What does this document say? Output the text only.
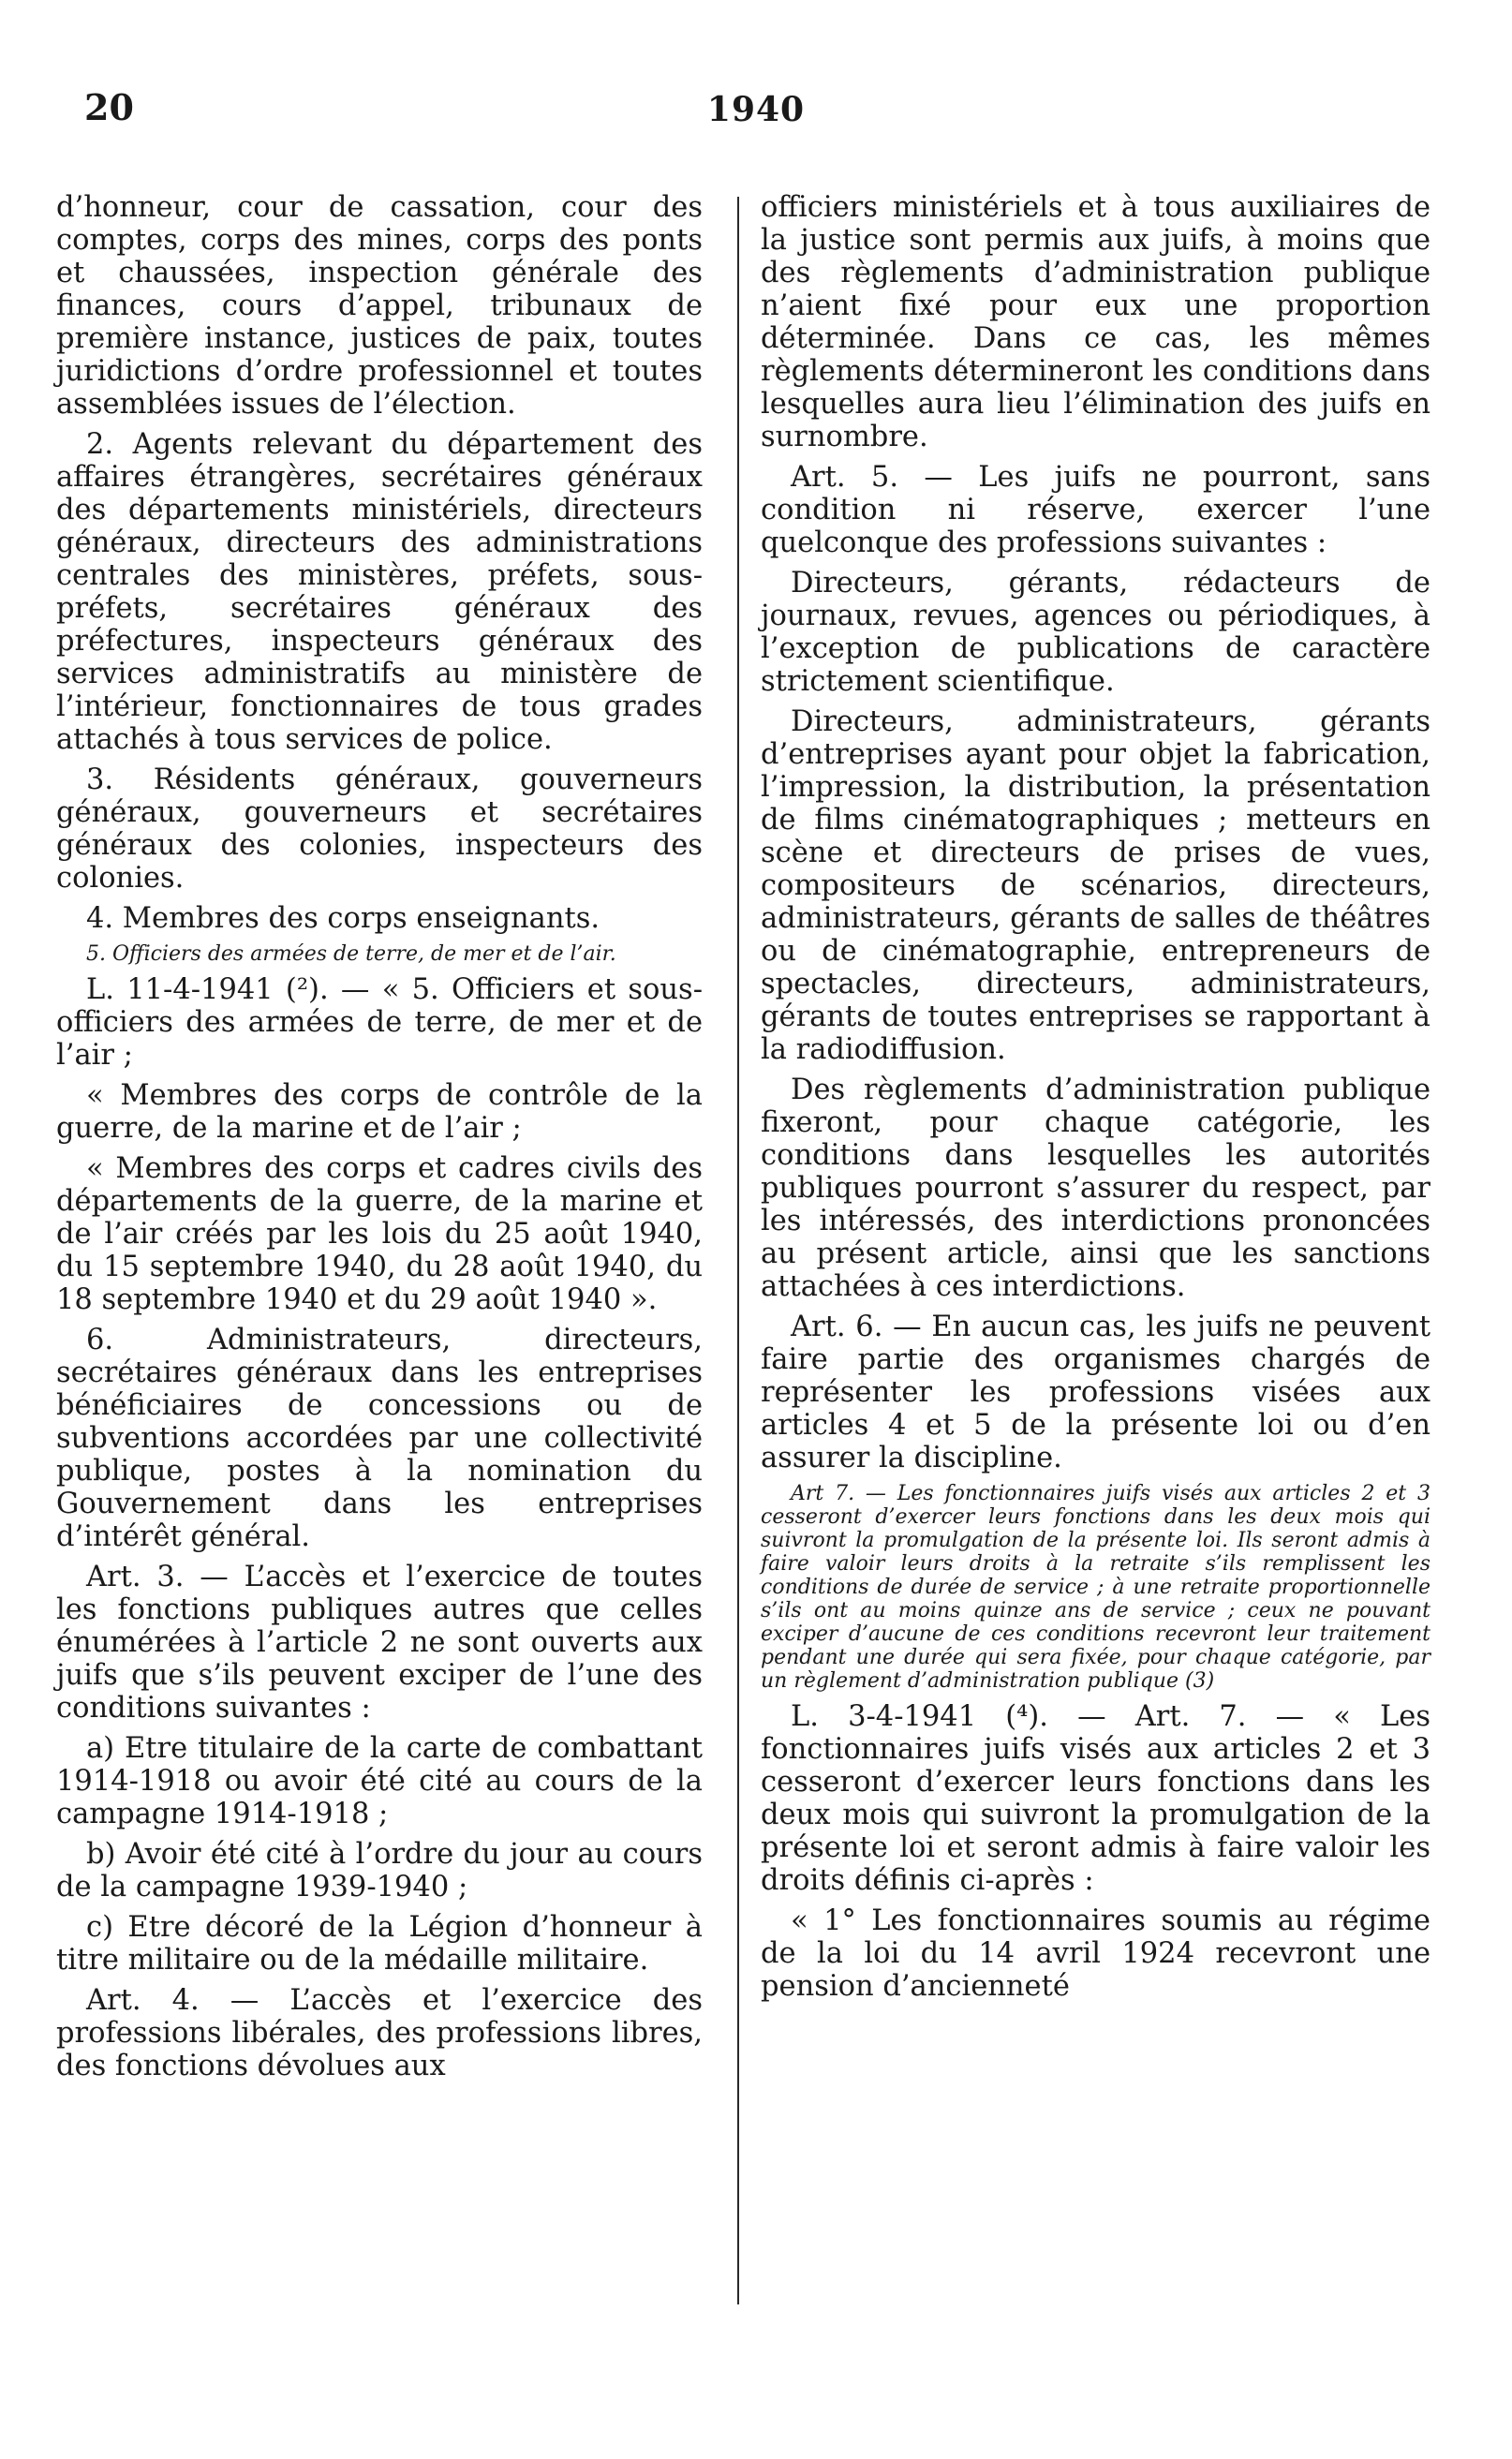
20	1940

d’honneur, cour de cassation, cour des comptes, corps des mines, corps des ponts et chaussées, inspection générale des finances, cours d’appel, tribunaux de première instance, justices de paix, toutes juridictions d’ordre professionnel et toutes assemblées issues de l’élection.

2. Agents relevant du département des affaires étrangères, secrétaires généraux des départements ministériels, directeurs généraux, directeurs des administrations centrales des ministères, préfets, sous-préfets, secrétaires généraux des préfectures, inspecteurs généraux des services administratifs au ministère de l’intérieur, fonctionnaires de tous grades attachés à tous services de police.

3. Résidents généraux, gouverneurs généraux, gouverneurs et secrétaires généraux des colonies, inspecteurs des colonies.

4. Membres des corps enseignants.

5. Officiers des armées de terre, de mer et de l’air.

L. 11-4-1941 (²). — « 5. Officiers et sous-officiers des armées de terre, de mer et de l’air ;

« Membres des corps de contrôle de la guerre, de la marine et de l’air ;

« Membres des corps et cadres civils des départements de la guerre, de la marine et de l’air créés par les lois du 25 août 1940, du 15 septembre 1940, du 28 août 1940, du 18 septembre 1940 et du 29 août 1940 ».

6. Administrateurs, directeurs, secrétaires généraux dans les entreprises bénéficiaires de concessions ou de subventions accordées par une collectivité publique, postes à la nomination du Gouvernement dans les entreprises d’intérêt général.

Art. 3. — L’accès et l’exercice de toutes les fonctions publiques autres que celles énumérées à l’article 2 ne sont ouverts aux juifs que s’ils peuvent exciper de l’une des conditions suivantes :

a) Etre titulaire de la carte de combattant 1914-1918 ou avoir été cité au cours de la campagne 1914-1918 ;

b) Avoir été cité à l’ordre du jour au cours de la campagne 1939-1940 ;

c) Etre décoré de la Légion d’honneur à titre militaire ou de la médaille militaire.

Art. 4. — L’accès et l’exercice des professions libérales, des professions libres, des fonctions dévolues aux

officiers ministériels et à tous auxiliaires de la justice sont permis aux juifs, à moins que des règlements d’administration publique n’aient fixé pour eux une proportion déterminée. Dans ce cas, les mêmes règlements détermineront les conditions dans lesquelles aura lieu l’élimination des juifs en surnombre.

Art. 5. — Les juifs ne pourront, sans condition ni réserve, exercer l’une quelconque des professions suivantes :

Directeurs, gérants, rédacteurs de journaux, revues, agences ou périodiques, à l’exception de publications de caractère strictement scientifique.

Directeurs, administrateurs, gérants d’entreprises ayant pour objet la fabrication, l’impression, la distribution, la présentation de films cinématographiques ; metteurs en scène et directeurs de prises de vues, compositeurs de scénarios, directeurs, administrateurs, gérants de salles de théâtres ou de cinématographie, entrepreneurs de spectacles, directeurs, administrateurs, gérants de toutes entreprises se rapportant à la radiodiffusion.

Des règlements d’administration publique fixeront, pour chaque catégorie, les conditions dans lesquelles les autorités publiques pourront s’assurer du respect, par les intéressés, des interdictions prononcées au présent article, ainsi que les sanctions attachées à ces interdictions.

Art. 6. — En aucun cas, les juifs ne peuvent faire partie des organismes chargés de représenter les professions visées aux articles 4 et 5 de la présente loi ou d’en assurer la discipline.

Art 7. — Les fonctionnaires juifs visés aux articles 2 et 3 cesseront d’exercer leurs fonctions dans les deux mois qui suivront la promulgation de la présente loi. Ils seront admis à faire valoir leurs droits à la retraite s’ils remplissent les conditions de durée de service ; à une retraite proportionnelle s’ils ont au moins quinze ans de service ; ceux ne pouvant exciper d’aucune de ces conditions recevront leur traitement pendant une durée qui sera fixée, pour chaque catégorie, par un règlement d’administration publique (3)

L. 3-4-1941 (⁴). — Art. 7. — « Les fonctionnaires juifs visés aux articles 2 et 3 cesseront d’exercer leurs fonctions dans les deux mois qui suivront la promulgation de la présente loi et seront admis à faire valoir les droits définis ci-après :

« 1° Les fonctionnaires soumis au régime de la loi du 14 avril 1924 recevront une pension d’ancienneté
